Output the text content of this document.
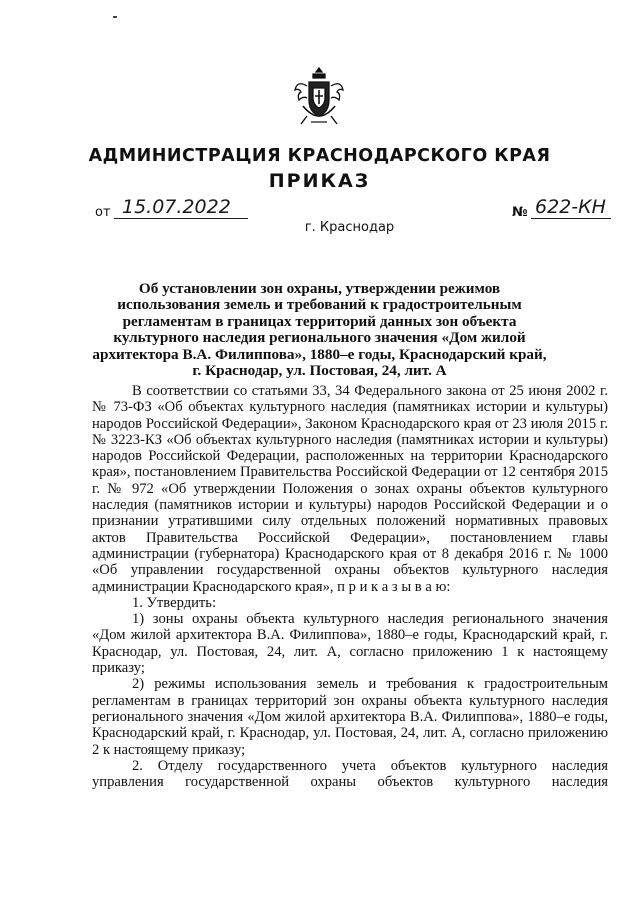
АДМИНИСТРАЦИЯ КРАСНОДАРСКОГО КРАЯ
ПРИКАЗ
от 15.07.2022	№ 622-КН
г. Краснодар

Об установлении зон охраны, утверждении режимов использования земель и требований к градостроительным регламентам в границах территорий данных зон объекта культурного наследия регионального значения «Дом жилой архитектора В.А. Филиппова», 1880–е годы, Краснодарский край, г. Краснодар, ул. Постовая, 24, лит. А

В соответствии со статьями 33, 34 Федерального закона от 25 июня 2002 г. № 73-ФЗ «Об объектах культурного наследия (памятниках истории и культуры) народов Российской Федерации», Законом Краснодарского края от 23 июля 2015 г. № 3223-КЗ «Об объектах культурного наследия (памятниках истории и культуры) народов Российской Федерации, расположенных на территории Краснодарского края», постановлением Правительства Российской Федерации от 12 сентября 2015 г. № 972 «Об утверждении Положения о зонах охраны объектов культурного наследия (памятников истории и культуры) народов Российской Федерации и о признании утратившими силу отдельных положений нормативных правовых актов Правительства Российской Федерации», постановлением главы администрации (губернатора) Краснодарского края от 8 декабря 2016 г. № 1000 «Об управлении государственной охраны объектов культурного наследия администрации Краснодарского края», п р и к а з ы в а ю:

1. Утвердить:

1) зоны охраны объекта культурного наследия регионального значения «Дом жилой архитектора В.А. Филиппова», 1880–е годы, Краснодарский край, г. Краснодар, ул. Постовая, 24, лит. А, согласно приложению 1 к настоящему приказу;

2) режимы использования земель и требования к градостроительным регламентам в границах территорий зон охраны объекта культурного наследия регионального значения «Дом жилой архитектора В.А. Филиппова», 1880–е годы, Краснодарский край, г. Краснодар, ул. Постовая, 24, лит. А, согласно приложению 2 к настоящему приказу;

2. Отделу государственного учета объектов культурного наследия управления государственной охраны объектов культурного наследия
